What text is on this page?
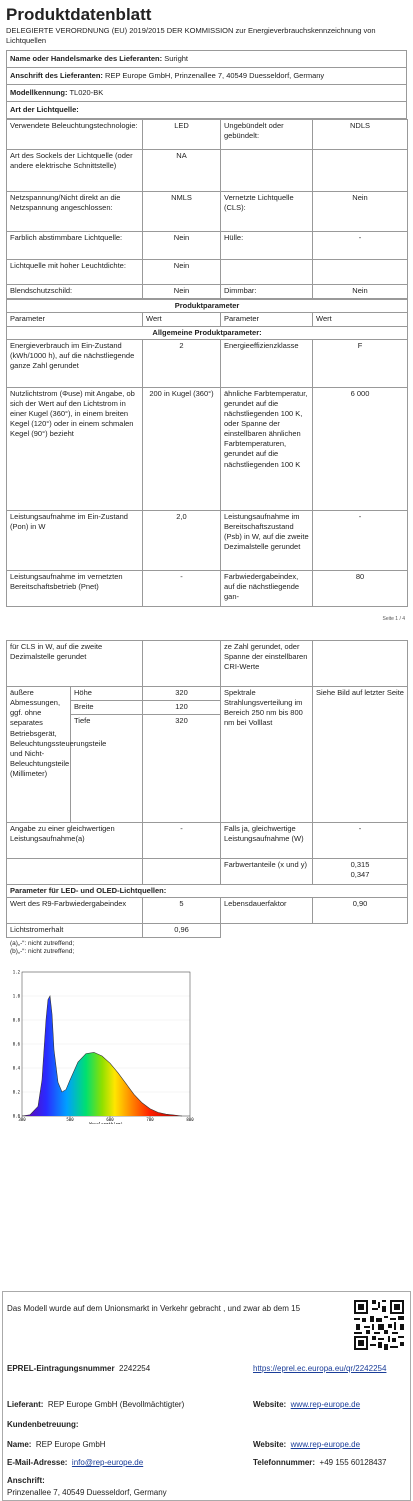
Produktdatenblatt
DELEGIERTE VERORDNUNG (EU) 2019/2015 DER KOMMISSION zur Energieverbrauchskennzeichnung von Lichtquellen
Name oder Handelsmarke des Lieferanten: Suright
Anschrift des Lieferanten: REP Europe GmbH, Prinzenallee 7, 40549 Duesseldorf, Germany
Modellkennung: TL020-BK
Art der Lichtquelle:
Verwendete Beleuchtungstechnologie:	LED	Ungebündelt oder gebündelt:	NDLS
Art des Sockels der Lichtquelle (oder andere elektrische Schnittstelle)	NA		
Netzspannung/Nicht direkt an die Netzspannung angeschlossen:	NMLS	Vernetzte Lichtquelle (CLS):	Nein
Farblich abstimmbare Lichtquelle:	Nein	Hülle:	-
Lichtquelle mit hoher Leuchtdichte:	Nein		
Blendschutzschild:	Nein	Dimmbar:	Nein
Produktparameter			
Parameter	Wert	Parameter	Wert
Allgemeine Produktparameter:			
Energieverbrauch im Ein-Zustand (kWh/1000 h), auf die nächstliegende ganze Zahl gerundet	2	Energieeffizienzklasse	F
Nutzlichtstrom (Φuse) mit Angabe, ob sich der Wert auf den Lichtstrom in einer Kugel (360°), in einem breiten Kegel (120°) oder in einem schmalen Kegel (90°) bezieht	200 in Kugel (360°)	ähnliche Farbtemperatur, gerundet auf die nächstliegenden 100 K, oder Spanne der einstellbaren ähnlichen Farbtemperaturen, gerundet auf die nächstliegenden 100 K	6 000
Leistungsaufnahme im Ein-Zustand (Pon) in W	2,0	Leistungsaufnahme im Bereitschaftszustand (Psb) in W, auf die zweite Dezimalstelle gerundet	-
Leistungsaufnahme im vernetzten Bereitschaftsbetrieb (Pnet)	-	Farbwiedergabeindex, auf die nächstliegende gan-	80
Seite 1 / 4
für CLS in W, auf die zweite Dezimalstelle gerundet			ze Zahl gerundet, oder Spanne der einstellbaren CRI-Werte	
äußere Abmessungen, ggf. ohne separates Betriebsgerät, Beleuchtungssteuerungsteile und Nicht-Beleuchtungsteile (Millimeter)	Höhe	320	Spektrale Strahlungsverteilung im Bereich 250 nm bis 800 nm bei Volllast	Siehe Bild auf letzter Seite
	Breite	120		
	Tiefe	320		
Angabe zu einer gleichwertigen Leistungsaufnahme(a)		-	Falls ja, gleichwertige Leistungsaufnahme (W)	-
			Farbwertanteile (x und y)	0,315
0,347

Parameter für LED- und OLED-Lichtquellen:				
Wert des R9-Farbwiedergabeindex		5	Lebensdauerfaktor	0,90
Lichtstromerhalt		0,96		
(a)„-“: nicht zutreffend;
(b)„-“: nicht zutreffend;
0.0
0.2
0.4
0.6
0.8
1.0
1.2
380	500	600	700	800
Wavelength(nm)
Das Modell wurde auf dem Unionsmarkt in Verkehr gebracht , und zwar ab dem 15
EPREL-Eintragungsnummer 2242254	https://eprel.ec.europa.eu/qr/2242254
Lieferant: REP Europe GmbH (Bevollmächtigter)	Website: www.rep-europe.de
Kundenbetreuung:
Name: REP Europe GmbH	Website: www.rep-europe.de
E-Mail-Adresse: info@rep-europe.de	Telefonnummer: +49 155 60128437
Anschrift:
Prinzenallee 7, 40549 Duesseldorf, Germany
